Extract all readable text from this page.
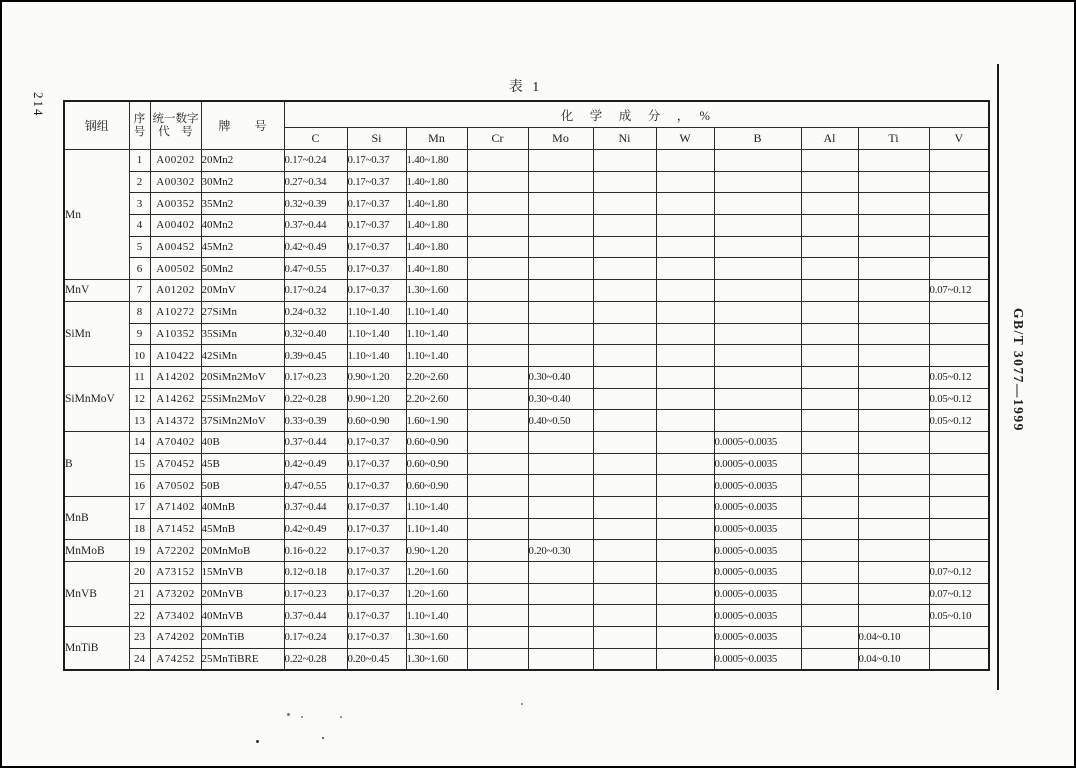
214
表 1
钢组	序
号

统一数字
代　号	牌　　号	化　学　成　分　，　%
				C	Si	Mn	Cr	Mo	Ni	W	B	Al	Ti	V
Mn	1	A00202	20Mn2	0.17~0.24	0.17~0.37	1.40~1.80								
	2	A00302	30Mn2	0.27~0.34	0.17~0.37	1.40~1.80								
	3	A00352	35Mn2	0.32~0.39	0.17~0.37	1.40~1.80								
	4	A00402	40Mn2	0.37~0.44	0.17~0.37	1.40~1.80								
	5	A00452	45Mn2	0.42~0.49	0.17~0.37	1.40~1.80								
	6	A00502	50Mn2	0.47~0.55	0.17~0.37	1.40~1.80								
MnV	7	A01202	20MnV	0.17~0.24	0.17~0.37	1.30~1.60								0.07~0.12
SiMn	8	A10272	27SiMn	0.24~0.32	1.10~1.40	1.10~1.40								
	9	A10352	35SiMn	0.32~0.40	1.10~1.40	1.10~1.40								
	10	A10422	42SiMn	0.39~0.45	1.10~1.40	1.10~1.40								
SiMnMoV	11	A14202	20SiMn2MoV	0.17~0.23	0.90~1.20	2.20~2.60		0.30~0.40						0.05~0.12
	12	A14262	25SiMn2MoV	0.22~0.28	0.90~1.20	2.20~2.60		0.30~0.40						0.05~0.12
	13	A14372	37SiMn2MoV	0.33~0.39	0.60~0.90	1.60~1.90		0.40~0.50						0.05~0.12
B	14	A70402	40B	0.37~0.44	0.17~0.37	0.60~0.90					0.0005~0.0035			
	15	A70452	45B	0.42~0.49	0.17~0.37	0.60~0.90					0.0005~0.0035			
	16	A70502	50B	0.47~0.55	0.17~0.37	0.60~0.90					0.0005~0.0035			
MnB	17	A71402	40MnB	0.37~0.44	0.17~0.37	1.10~1.40					0.0005~0.0035			
	18	A71452	45MnB	0.42~0.49	0.17~0.37	1.10~1.40					0.0005~0.0035			
MnMoB	19	A72202	20MnMoB	0.16~0.22	0.17~0.37	0.90~1.20		0.20~0.30			0.0005~0.0035			
MnVB	20	A73152	15MnVB	0.12~0.18	0.17~0.37	1.20~1.60					0.0005~0.0035			0.07~0.12
	21	A73202	20MnVB	0.17~0.23	0.17~0.37	1.20~1.60					0.0005~0.0035			0.07~0.12
	22	A73402	40MnVB	0.37~0.44	0.17~0.37	1.10~1.40					0.0005~0.0035			0.05~0.10
MnTiB	23	A74202	20MnTiB	0.17~0.24	0.17~0.37	1.30~1.60					0.0005~0.0035		0.04~0.10	
	24	A74252	25MnTiBRE	0.22~0.28	0.20~0.45	1.30~1.60					0.0005~0.0035		0.04~0.10	
GB/T 3077—1999
